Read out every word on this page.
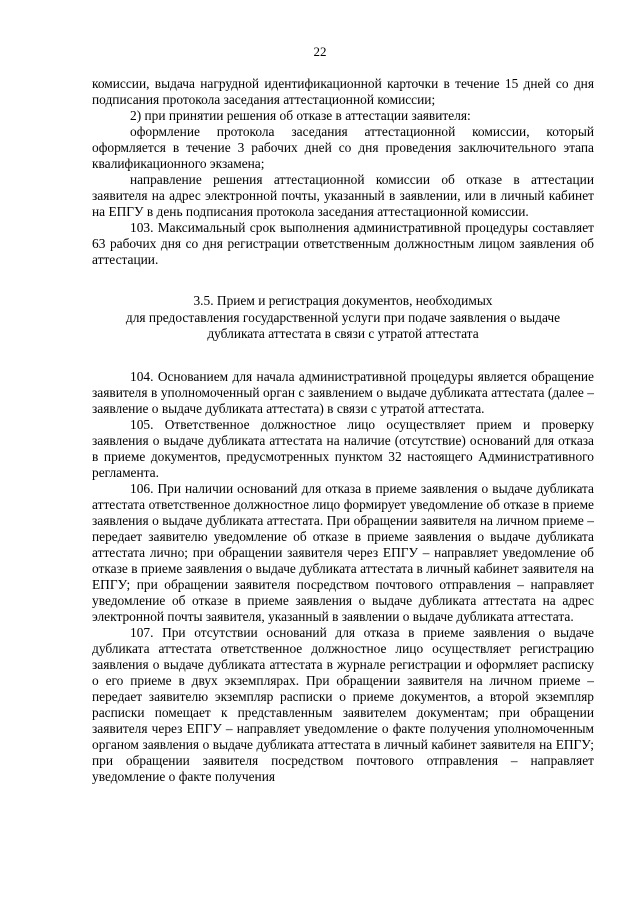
22

комиссии, выдача нагрудной идентификационной карточки в течение 15 дней со дня подписания протокола заседания аттестационной комиссии;

2) при принятии решения об отказе в аттестации заявителя:

оформление протокола заседания аттестационной комиссии, который оформляется в течение 3 рабочих дней со дня проведения заключительного этапа квалификационного экзамена;

направление решения аттестационной комиссии об отказе в аттестации заявителя на адрес электронной почты, указанный в заявлении, или в личный кабинет на ЕПГУ в день подписания протокола заседания аттестационной комиссии.

103. Максимальный срок выполнения административной процедуры составляет 63 рабочих дня со дня регистрации ответственным должностным лицом заявления об аттестации.

3.5. Прием и регистрация документов, необходимых
для предоставления государственной услуги при подаче заявления о выдаче
дубликата аттестата в связи с утратой аттестата

104. Основанием для начала административной процедуры является обращение заявителя в уполномоченный орган с заявлением о выдаче дубликата аттестата (далее – заявление о выдаче дубликата аттестата) в связи с утратой аттестата.

105. Ответственное должностное лицо осуществляет прием и проверку заявления о выдаче дубликата аттестата на наличие (отсутствие) оснований для отказа в приеме документов, предусмотренных пунктом 32 настоящего Административного регламента.

106. При наличии оснований для отказа в приеме заявления о выдаче дубликата аттестата ответственное должностное лицо формирует уведомление об отказе в приеме заявления о выдаче дубликата аттестата. При обращении заявителя на личном приеме – передает заявителю уведомление об отказе в приеме заявления о выдаче дубликата аттестата лично; при обращении заявителя через ЕПГУ – направляет уведомление об отказе в приеме заявления о выдаче дубликата аттестата в личный кабинет заявителя на ЕПГУ; при обращении заявителя посредством почтового отправления – направляет уведомление об отказе в приеме заявления о выдаче дубликата аттестата на адрес электронной почты заявителя, указанный в заявлении о выдаче дубликата аттестата.

107. При отсутствии оснований для отказа в приеме заявления о выдаче дубликата аттестата ответственное должностное лицо осуществляет регистрацию заявления о выдаче дубликата аттестата в журнале регистрации и оформляет расписку о его приеме в двух экземплярах. При обращении заявителя на личном приеме – передает заявителю экземпляр расписки о приеме документов, а второй экземпляр расписки помещает к представленным заявителем документам; при обращении заявителя через ЕПГУ – направляет уведомление о факте получения уполномоченным органом заявления о выдаче дубликата аттестата в личный кабинет заявителя на ЕПГУ; при обращении заявителя посредством почтового отправления – направляет уведомление о факте получения
